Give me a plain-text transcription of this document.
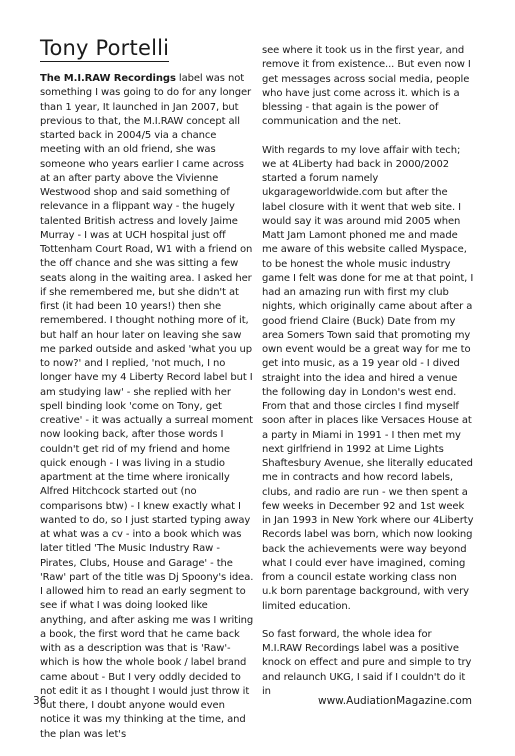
Tony Portelli

The M.I.RAW Recordings label was not something I was going to do for any longer than 1 year, It launched in Jan 2007, but previous to that, the M.I.RAW concept all started back in 2004/5 via a chance meeting with an old friend, she was someone who years earlier I came across at an after party above the Vivienne Westwood shop and said something of relevance in a flippant way - the hugely talented British actress and lovely Jaime Murray - I was at UCH hospital just off Tottenham Court Road, W1 with a friend on the off chance and she was sitting a few seats along in the waiting area. I asked her if she remembered me, but she didn't at first (it had been 10 years!) then she remembered. I thought nothing more of it, but half an hour later on leaving she saw me parked outside and asked 'what you up to now?' and I replied, 'not much, I no longer have my 4 Liberty Record label but I am studying law' - she replied with her spell binding look 'come on Tony, get creative' - it was actually a surreal moment now looking back, after those words I couldn't get rid of my friend and home quick enough - I was living in a studio apartment at the time where ironically Alfred Hitchcock started out (no comparisons btw) - I knew exactly what I wanted to do, so I just started typing away at what was a cv - into a book which was later titled 'The Music Industry Raw - Pirates, Clubs, House and Garage' - the 'Raw' part of the title was Dj Spoony's idea. I allowed him to read an early segment to see if what I was doing looked like anything, and after asking me was I writing a book, the first word that he came back with as a description was that is 'Raw'- which is how the whole book / label brand came about - But I very oddly decided to not edit it as I thought I would just throw it out there, I doubt anyone would even notice it was my thinking at the time, and the plan was let's

see where it took us in the first year, and remove it from existence... But even now I get messages across social media, people who have just come across it. which is a blessing - that again is the power of communication and the net.

With regards to my love affair with tech; we at 4Liberty had back in 2000/2002 started a forum namely ukgarageworldwide.com but after the label closure with it went that web site. I would say it was around mid 2005 when Matt Jam Lamont phoned me and made me aware of this website called Myspace, to be honest the whole music industry game I felt was done for me at that point, I had an amazing run with first my club nights, which originally came about after a good friend Claire (Buck) Date from my area Somers Town said that promoting my own event would be a great way for me to get into music, as a 19 year old - I dived straight into the idea and hired a venue the following day in London's west end. From that and those circles I find myself soon after in places like Versaces House at a party in Miami in 1991 - I then met my next girlfriend in 1992 at Lime Lights Shaftesbury Avenue, she literally educated me in contracts and how record labels, clubs, and radio are run - we then spent a few weeks in December 92 and 1st week in Jan 1993 in New York where our 4Liberty Records label was born, which now looking back the achievements were way beyond what I could ever have imagined, coming from a council estate working class non u.k born parentage background, with very limited education.

So fast forward, the whole idea for M.I.RAW Recordings label was a positive knock on effect and pure and simple to try and relaunch UKG, I said if I couldn't do it in

36	www.AudiationMagazine.com
